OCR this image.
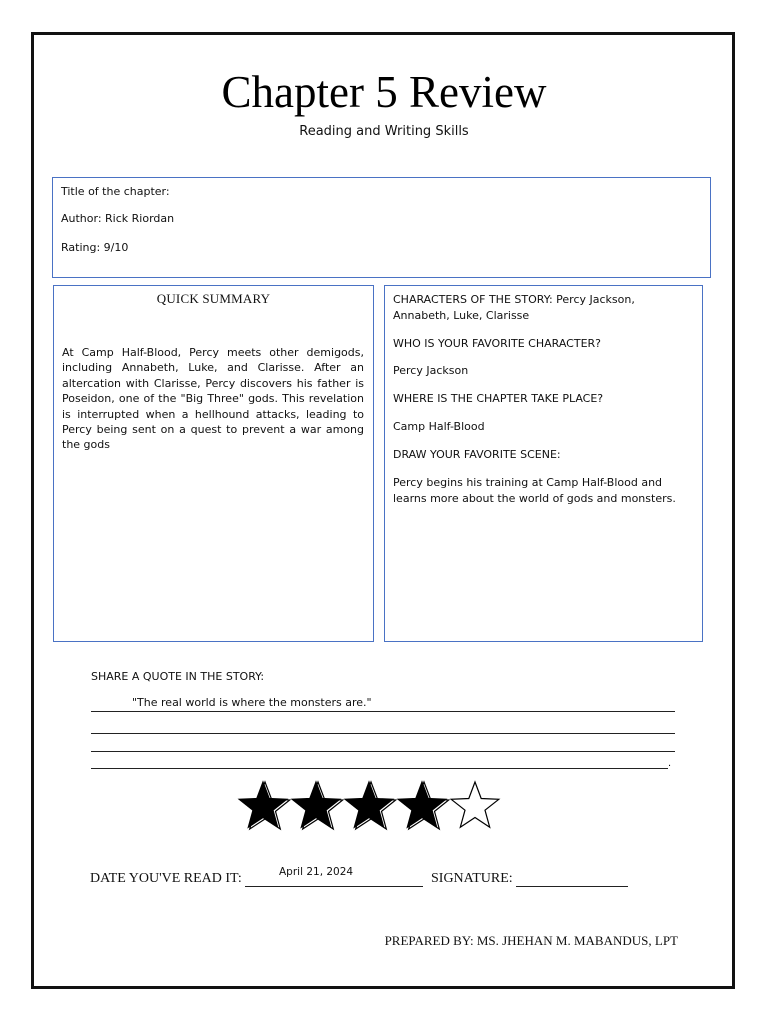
Chapter 5 Review
Reading and Writing Skills
Title of the chapter:
Author: Rick Riordan
Rating: 9/10
QUICK SUMMARY
At Camp Half-Blood, Percy meets other demigods, including Annabeth, Luke, and Clarisse. After an altercation with Clarisse, Percy discovers his father is Poseidon, one of the "Big Three" gods. This revelation is interrupted when a hellhound attacks, leading to Percy being sent on a quest to prevent a war among the gods

CHARACTERS OF THE STORY: Percy Jackson, Annabeth, Luke, Clarisse

WHO IS YOUR FAVORITE CHARACTER?

Percy Jackson

WHERE IS THE CHAPTER TAKE PLACE?

Camp Half-Blood

DRAW YOUR FAVORITE SCENE:

Percy begins his training at Camp Half-Blood and learns more about the world of gods and monsters.

SHARE A QUOTE IN THE STORY:
"The real world is where the monsters are."
.
DATE YOU'VE READ IT:	April 21, 2024	SIGNATURE:
PREPARED BY: MS. JHEHAN M. MABANDUS, LPT
